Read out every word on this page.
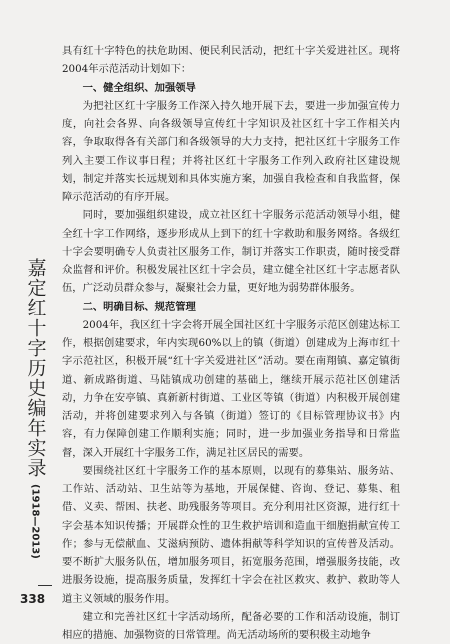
具有红十字特色的扶危助困、便民利民活动，把红十字关爱进社区。现将2004年示范活动计划如下：

一、健全组织、加强领导

为把社区红十字服务工作深入持久地开展下去，要进一步加强宣传力度，向社会各界、向各级领导宣传红十字知识及社区红十字工作相关内容，争取取得各有关部门和各级领导的大力支持，把社区红十字服务工作列入主要工作议事日程；并将社区红十字服务工作列入政府社区建设规划，制定并落实长远规划和具体实施方案，加强自我检查和自我监督，保障示范活动的有序开展。

同时，要加强组织建设，成立社区红十字服务示范活动领导小组，健全红十字工作网络，逐步形成从上到下的红十字救助和服务网络。各级红十字会要明确专人负责社区服务工作，制订并落实工作职责，随时接受群众监督和评价。积极发展社区红十字会员，建立健全社区红十字志愿者队伍，广泛动员群众参与，凝聚社会力量，更好地为弱势群体服务。

二、明确目标、规范管理

2004年，我区红十字会将开展全国社区红十字服务示范区创建达标工作，根据创建要求，年内实现60%以上的镇（街道）创建成为上海市红十字示范社区，积极开展“红十字关爱进社区”活动。要在南翔镇、嘉定镇街道、新成路街道、马陆镇成功创建的基础上，继续开展示范社区创建活动，力争在安亭镇、真新新村街道、工业区等镇（街道）内积极开展创建活动，并将创建要求列入与各镇（街道）签订的《目标管理协议书》内容，有力保障创建工作顺利实施；同时，进一步加强业务指导和日常监督，深入开展红十字服务工作，满足社区居民的需要。

要围绕社区红十字服务工作的基本原则，以现有的募集站、服务站、工作站、活动站、卫生站等为基地，开展保健、咨询、登记、募集、租借、义卖、帮困、扶老、助残服务等项目。充分利用社区资源，进行红十字会基本知识传播；开展群众性的卫生救护培训和造血干细胞捐献宣传工作；参与无偿献血、艾滋病预防、遗体捐献等科学知识的宣传普及活动。要不断扩大服务队伍，增加服务项目，拓宽服务范围，增强服务技能，改进服务设施，提高服务质量，发挥红十字会在社区救灾、救护、救助等人道主义领域的服务作用。

建立和完善社区红十字活动场所，配备必要的工作和活动设施，制订相应的措施、加强物资的日常管理。尚无活动场所的要积极主动地争

嘉定红十字历史编年实录
(1918—2013)
338
